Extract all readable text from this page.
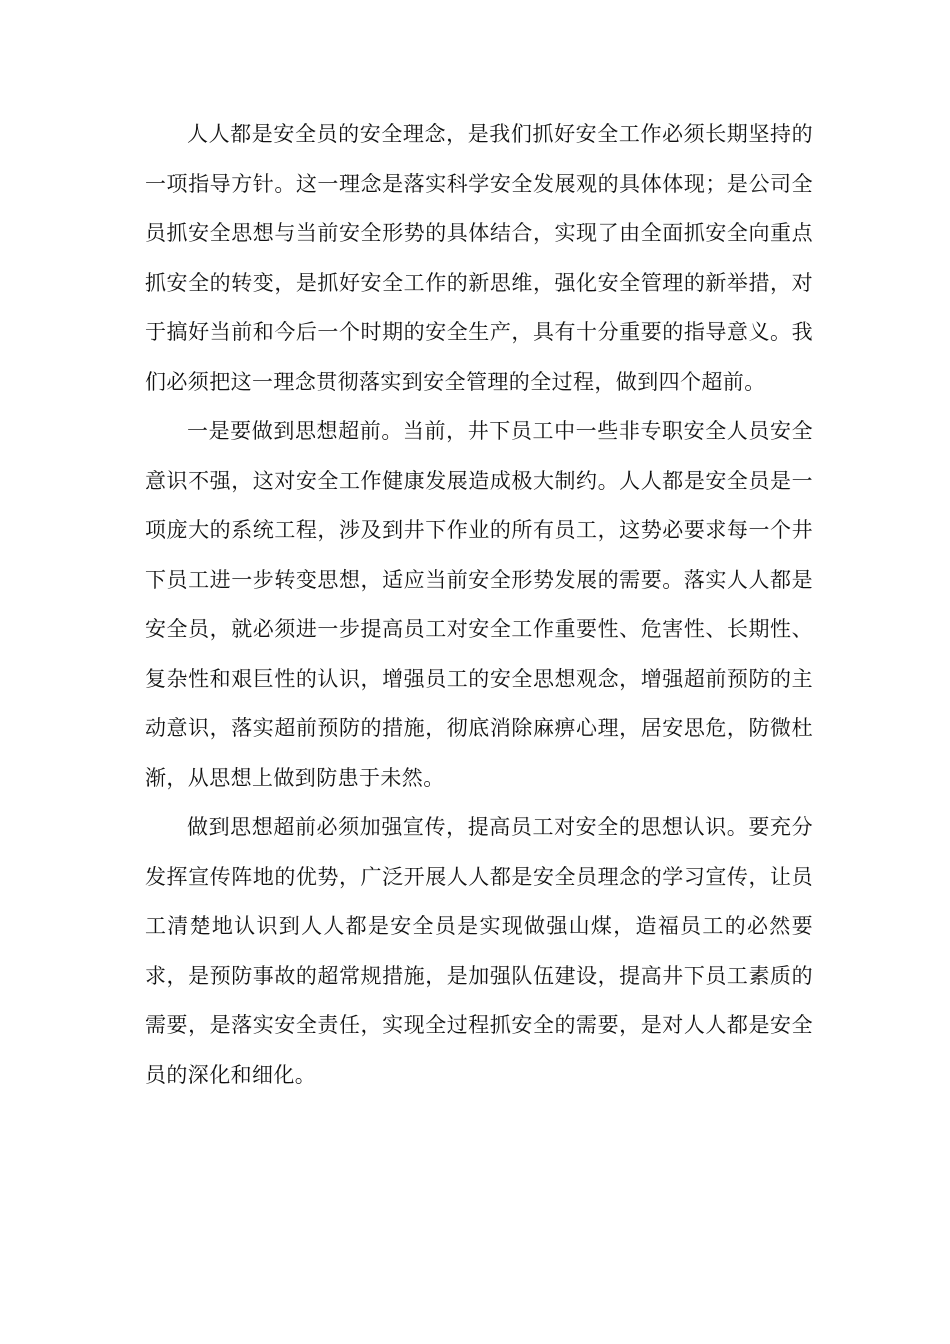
人人都是安全员的安全理念，是我们抓好安全工作必须长期坚持的一项指导方针。这一理念是落实科学安全发展观的具体体现；是公司全员抓安全思想与当前安全形势的具体结合，实现了由全面抓安全向重点抓安全的转变，是抓好安全工作的新思维，强化安全管理的新举措，对于搞好当前和今后一个时期的安全生产，具有十分重要的指导意义。我们必须把这一理念贯彻落实到安全管理的全过程，做到四个超前。

一是要做到思想超前。当前，井下员工中一些非专职安全人员安全意识不强，这对安全工作健康发展造成极大制约。人人都是安全员是一项庞大的系统工程，涉及到井下作业的所有员工，这势必要求每一个井下员工进一步转变思想，适应当前安全形势发展的需要。落实人人都是安全员，就必须进一步提高员工对安全工作重要性、危害性、长期性、复杂性和艰巨性的认识，增强员工的安全思想观念，增强超前预防的主动意识，落实超前预防的措施，彻底消除麻痹心理，居安思危，防微杜渐，从思想上做到防患于未然。

做到思想超前必须加强宣传，提高员工对安全的思想认识。要充分发挥宣传阵地的优势，广泛开展人人都是安全员理念的学习宣传，让员工清楚地认识到人人都是安全员是实现做强山煤，造福员工的必然要求，是预防事故的超常规措施，是加强队伍建设，提高井下员工素质的需要，是落实安全责任，实现全过程抓安全的需要，是对人人都是安全员的深化和细化。
